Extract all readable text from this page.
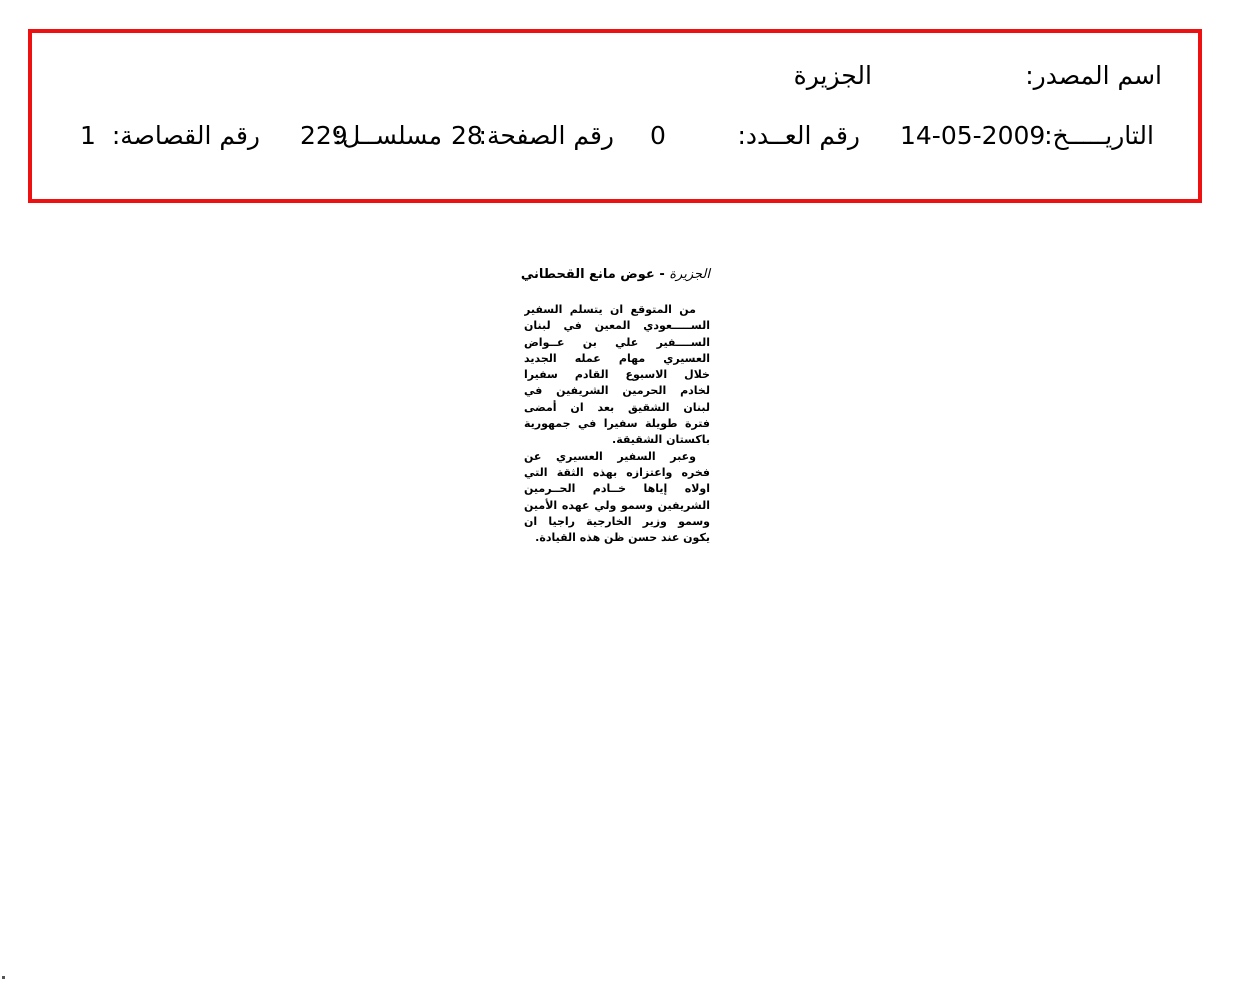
اسم المصدر:
الجزيرة
التاريـــــخ:
14-05-2009
رقم العــدد:
0
رقم الصفحة:
28
مسلســل:
229
رقم القصاصة:
1
الجزيرة - عوض مانع القحطاني
من المتوقع ان يتسلم السفير
الســـــعودي المعين في لبنان
الســــفير علي بن عــواض
العسيري مهام عمله الجديد
خلال الاسبوع القادم سفيرا
لخادم الحرمين الشريفين في
لبنان الشقيق بعد ان أمضى
فترة طويلة سفيرا في جمهورية
باكستان الشقيقة.
وعبر السفير العسيري عن
فخره واعتزازه بهذه الثقة التي
اولاه إياها خــادم الحــرمين
الشريفين وسمو ولي عهده الأمين
وسمو وزير الخارجية راجيا ان
يكون عند حسن ظن هذه القيادة.
